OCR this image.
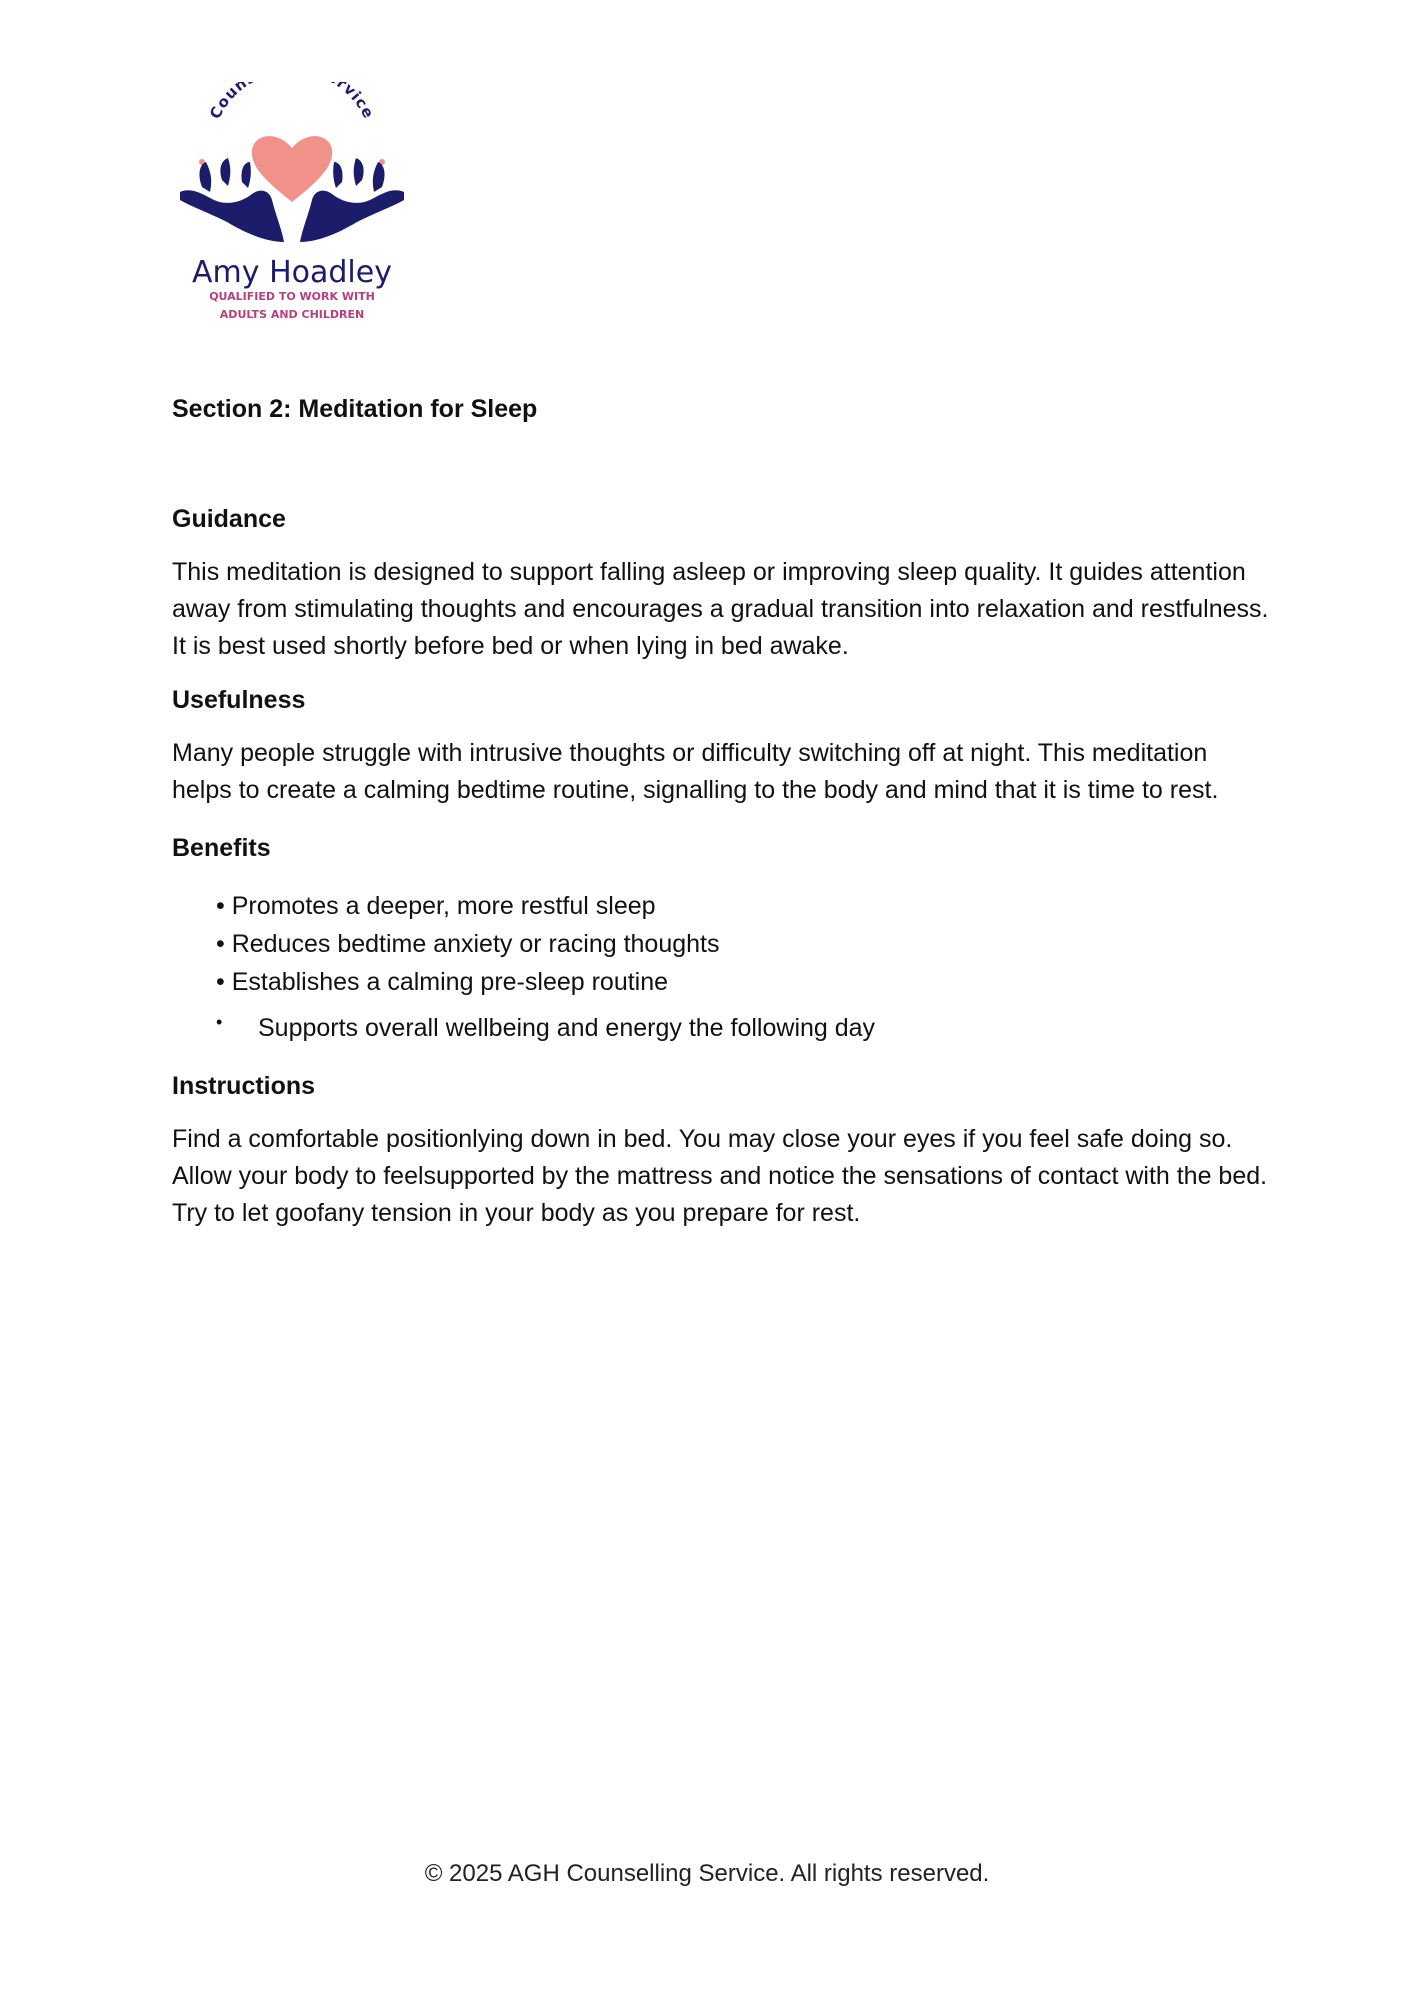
Coun rvice
Amy Hoadley
QUALIFIED TO WORK WITH
ADULTS AND CHILDREN
Section 2: Meditation for Sleep
Guidance

This meditation is designed to support falling asleep or improving sleep quality. It guides attention away from stimulating thoughts and encourages a gradual transition into relaxation and restfulness. It is best used shortly before bed or when lying in bed awake.

Usefulness

Many people struggle with intrusive thoughts or difficulty switching off at night. This meditation helps to create a calming bedtime routine, signalling to the body and mind that it is time to rest.

Benefits
• Promotes a deeper, more restful sleep
• Reduces bedtime anxiety or racing thoughts
• Establishes a calming pre-sleep routine
• Supports overall wellbeing and energy the following day
Instructions

Find a comfortable positionlying down in bed. You may close your eyes if you feel safe doing so. Allow your body to feelsupported by the mattress and notice the sensations of contact with the bed. Try to let goofany tension in your body as you prepare for rest.

© 2025 AGH Counselling Service. All rights reserved.
